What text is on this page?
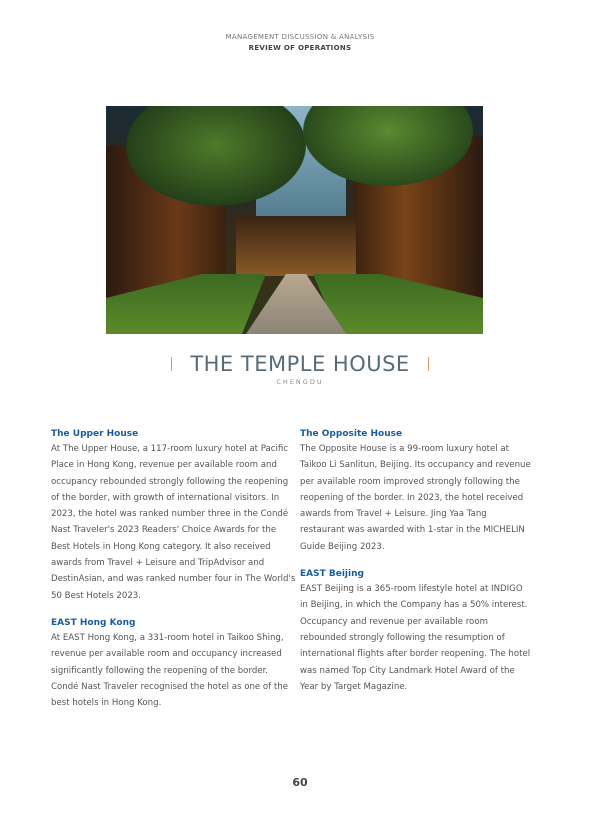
MANAGEMENT DISCUSSION & ANALYSIS
REVIEW OF OPERATIONS
THE TEMPLE HOUSE
CHENGDU
The Upper House

At The Upper House, a 117-room luxury hotel at Pacific Place in Hong Kong, revenue per available room and occupancy rebounded strongly following the reopening of the border, with growth of international visitors. In 2023, the hotel was ranked number three in the Condé Nast Traveler's 2023 Readers' Choice Awards for the Best Hotels in Hong Kong category. It also received awards from Travel + Leisure and TripAdvisor and DestinAsian, and was ranked number four in The World's 50 Best Hotels 2023.

EAST Hong Kong

At EAST Hong Kong, a 331-room hotel in Taikoo Shing, revenue per available room and occupancy increased significantly following the reopening of the border. Condé Nast Traveler recognised the hotel as one of the best hotels in Hong Kong.

The Opposite House

The Opposite House is a 99-room luxury hotel at Taikoo Li Sanlitun, Beijing. Its occupancy and revenue per available room improved strongly following the reopening of the border. In 2023, the hotel received awards from Travel + Leisure. Jing Yaa Tang restaurant was awarded with 1-star in the MICHELIN Guide Beijing 2023.

EAST Beijing

EAST Beijing is a 365-room lifestyle hotel at INDIGO in Beijing, in which the Company has a 50% interest. Occupancy and revenue per available room rebounded strongly following the resumption of international flights after border reopening. The hotel was named Top City Landmark Hotel Award of the Year by Target Magazine.

60
